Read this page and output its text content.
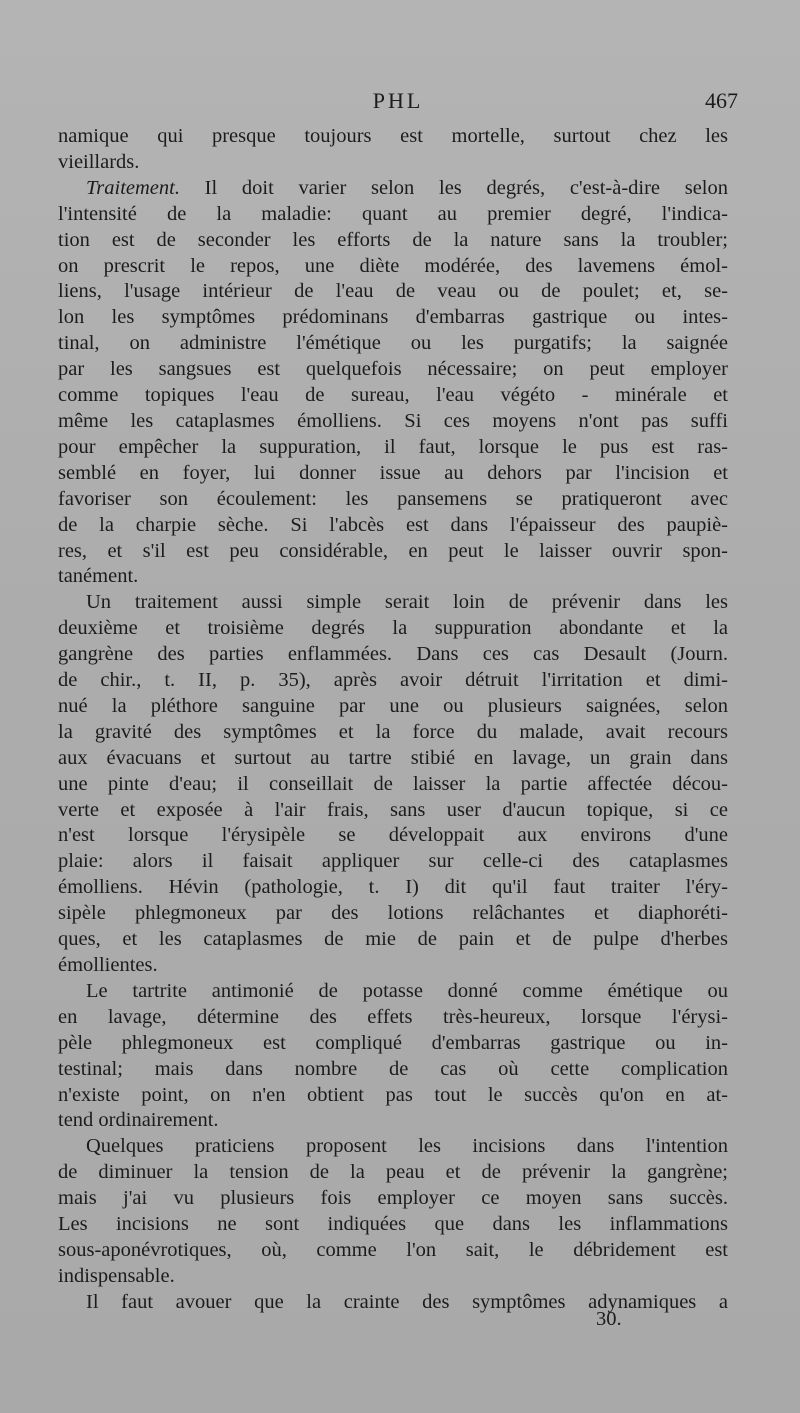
PHL	467
namique qui presque toujours est mortelle, surtout chez les
vieillards.
Traitement. Il doit varier selon les degrés, c'est-à-dire selon
l'intensité de la maladie: quant au premier degré, l'indica-
tion est de seconder les efforts de la nature sans la troubler;
on prescrit le repos, une diète modérée, des lavemens émol-
liens, l'usage intérieur de l'eau de veau ou de poulet; et, se-
lon les symptômes prédominans d'embarras gastrique ou intes-
tinal, on administre l'émétique ou les purgatifs; la saignée
par les sangsues est quelquefois nécessaire; on peut employer
comme topiques l'eau de sureau, l'eau végéto - minérale et
même les cataplasmes émolliens. Si ces moyens n'ont pas suffi
pour empêcher la suppuration, il faut, lorsque le pus est ras-
semblé en foyer, lui donner issue au dehors par l'incision et
favoriser son écoulement: les pansemens se pratiqueront avec
de la charpie sèche. Si l'abcès est dans l'épaisseur des paupiè-
res, et s'il est peu considérable, en peut le laisser ouvrir spon-
tanément.
Un traitement aussi simple serait loin de prévenir dans les
deuxième et troisième degrés la suppuration abondante et la
gangrène des parties enflammées. Dans ces cas Desault (Journ.
de chir., t. II, p. 35), après avoir détruit l'irritation et dimi-
nué la pléthore sanguine par une ou plusieurs saignées, selon
la gravité des symptômes et la force du malade, avait recours
aux évacuans et surtout au tartre stibié en lavage, un grain dans
une pinte d'eau; il conseillait de laisser la partie affectée décou-
verte et exposée à l'air frais, sans user d'aucun topique, si ce
n'est lorsque l'érysipèle se développait aux environs d'une
plaie: alors il faisait appliquer sur celle-ci des cataplasmes
émolliens. Hévin (pathologie, t. I) dit qu'il faut traiter l'éry-
sipèle phlegmoneux par des lotions relâchantes et diaphoréti-
ques, et les cataplasmes de mie de pain et de pulpe d'herbes
émollientes.
Le tartrite antimonié de potasse donné comme émétique ou
en lavage, détermine des effets très-heureux, lorsque l'érysi-
pèle phlegmoneux est compliqué d'embarras gastrique ou in-
testinal; mais dans nombre de cas où cette complication
n'existe point, on n'en obtient pas tout le succès qu'on en at-
tend ordinairement.
Quelques praticiens proposent les incisions dans l'intention
de diminuer la tension de la peau et de prévenir la gangrène;
mais j'ai vu plusieurs fois employer ce moyen sans succès.
Les incisions ne sont indiquées que dans les inflammations
sous-aponévrotiques, où, comme l'on sait, le débridement est
indispensable.
Il faut avouer que la crainte des symptômes adynamiques a
30.
